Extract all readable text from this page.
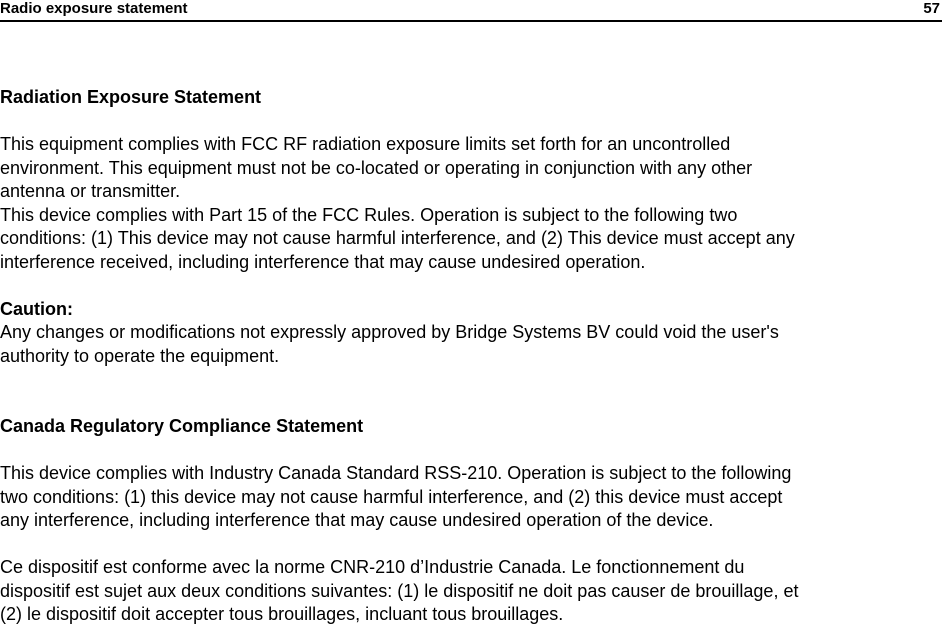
Radio exposure statement	57
Radiation Exposure Statement

This equipment complies with FCC RF radiation exposure limits set forth for an uncontrolled
environment. This equipment must not be co-located or operating in conjunction with any other
antenna or transmitter.

This device complies with Part 15 of the FCC Rules. Operation is subject to the following two
conditions: (1) This device may not cause harmful interference, and (2) This device must accept any
interference received, including interference that may cause undesired operation.

Caution:

Any changes or modifications not expressly approved by Bridge Systems BV could void the user's
authority to operate the equipment.

Canada Regulatory Compliance Statement

This device complies with Industry Canada Standard RSS-210. Operation is subject to the following
two conditions: (1) this device may not cause harmful interference, and (2) this device must accept
any interference, including interference that may cause undesired operation of the device.

Ce dispositif est conforme avec la norme CNR-210 d’Industrie Canada. Le fonctionnement du
dispositif est sujet aux deux conditions suivantes: (1) le dispositif ne doit pas causer de brouillage, et
(2) le dispositif doit accepter tous brouillages, incluant tous brouillages.
